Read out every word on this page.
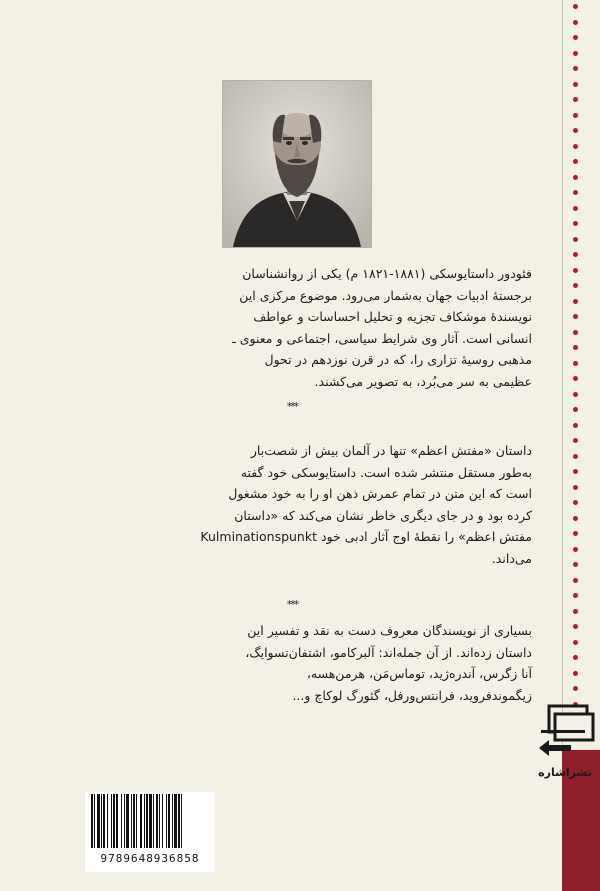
فئودور داستایوسکی (۱۸۸۱-۱۸۲۱ م) یکی از روانشناسان

برجستهٔ ادبیات جهان به‌شمار می‌رود. موضوع مرکزی این

نویسندهٔ موشکاف تجزیه و تحلیل احساسات و عواطف

انسانی است. آثار وی شرایط سیاسی، اجتماعی و معنوی ـ

مذهبی روسیهٔ تزاری را، که در قرن نوزدهم در تحول

عظیمی به سر می‌بُرد، به تصویر می‌کشند.

***

داستان «مفتش اعظم» تنها در آلمان بیش از شصت‌بار

به‌طور مستقل منتشر شده است. داستایوسکی خود گفته

است که این متن در تمام عمرش ذهن او را به خود مشغول

کرده بود و در جای دیگری خاطر نشان می‌کند که «داستان

مفتش اعظم» را نقطهٔ اوج آثار ادبی خود Kulminationspunkt

می‌داند.

***

بسیاری از نویسندگان معروف دست به نقد و تفسیر این

داستان زده‌اند. از آن جمله‌اند: آلبرکامو، اشتفان‌تسوایگ،

آنا زگرس، آندره‌ژید، توماس‌مَن، هرمن‌هسه،

زیگموندفروید، فرانتس‌ورفل، گئورگ لوکاچ و...

نشراشاره
9789648936858
